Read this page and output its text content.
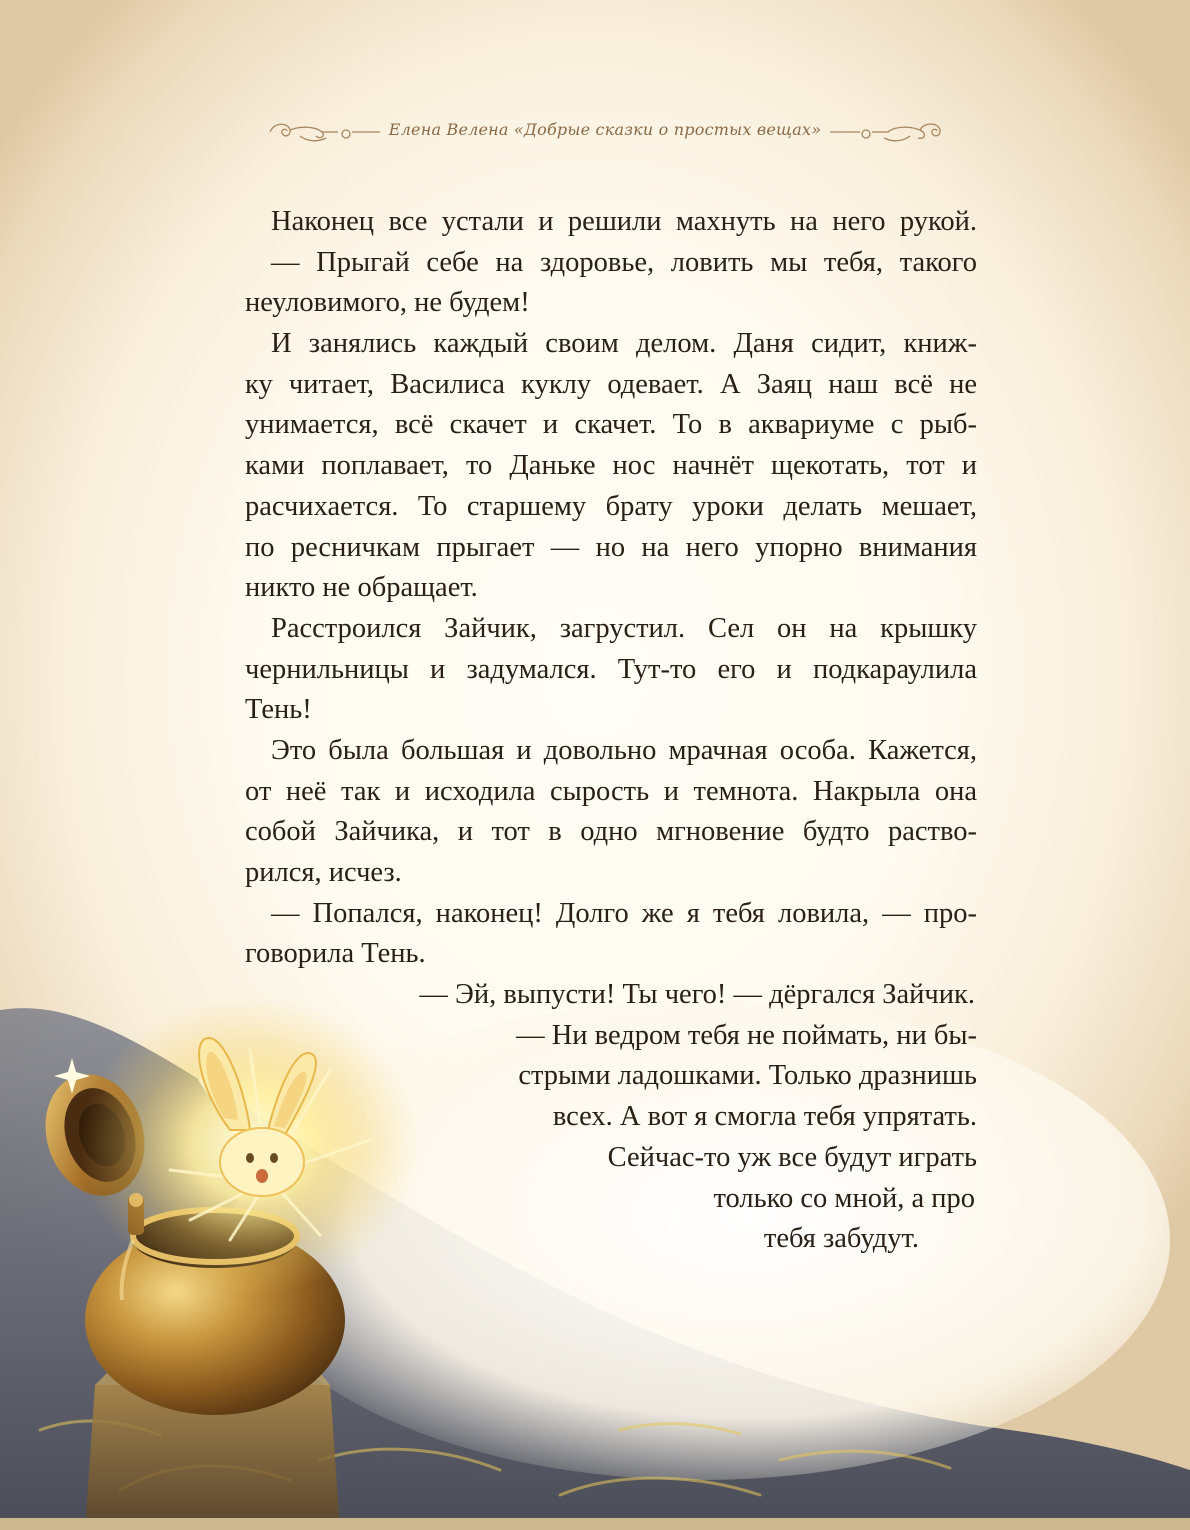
Елена Велена «Добрые сказки о простых вещах»
Наконец все устали и решили махнуть на него рукой.
— Прыгай себе на здоровье, ловить мы тебя, такого
неуловимого, не будем!
И занялись каждый своим делом. Даня сидит, книж-
ку читает, Василиса куклу одевает. А Заяц наш всё не
унимается, всё скачет и скачет. То в аквариуме с рыб-
ками поплавает, то Даньке нос начнёт щекотать, тот и
расчихается. То старшему брату уроки делать мешает,
по ресничкам прыгает — но на него упорно внимания
никто не обращает.
Расстроился Зайчик, загрустил. Сел он на крышку
чернильницы и задумался. Тут-то его и подкараулила
Тень!
Это была большая и довольно мрачная особа. Кажется,
от неё так и исходила сырость и темнота. Накрыла она
собой Зайчика, и тот в одно мгновение будто раство-
рился, исчез.
— Попался, наконец! Долго же я тебя ловила, — про-
говорила Тень.
— Эй, выпусти! Ты чего! — дёргался Зайчик.
— Ни ведром тебя не поймать, ни бы-
стрыми ладошками. Только дразнишь
всех. А вот я смогла тебя упрятать.
Сейчас-то уж все будут играть
только со мной, а про
тебя забудут.
